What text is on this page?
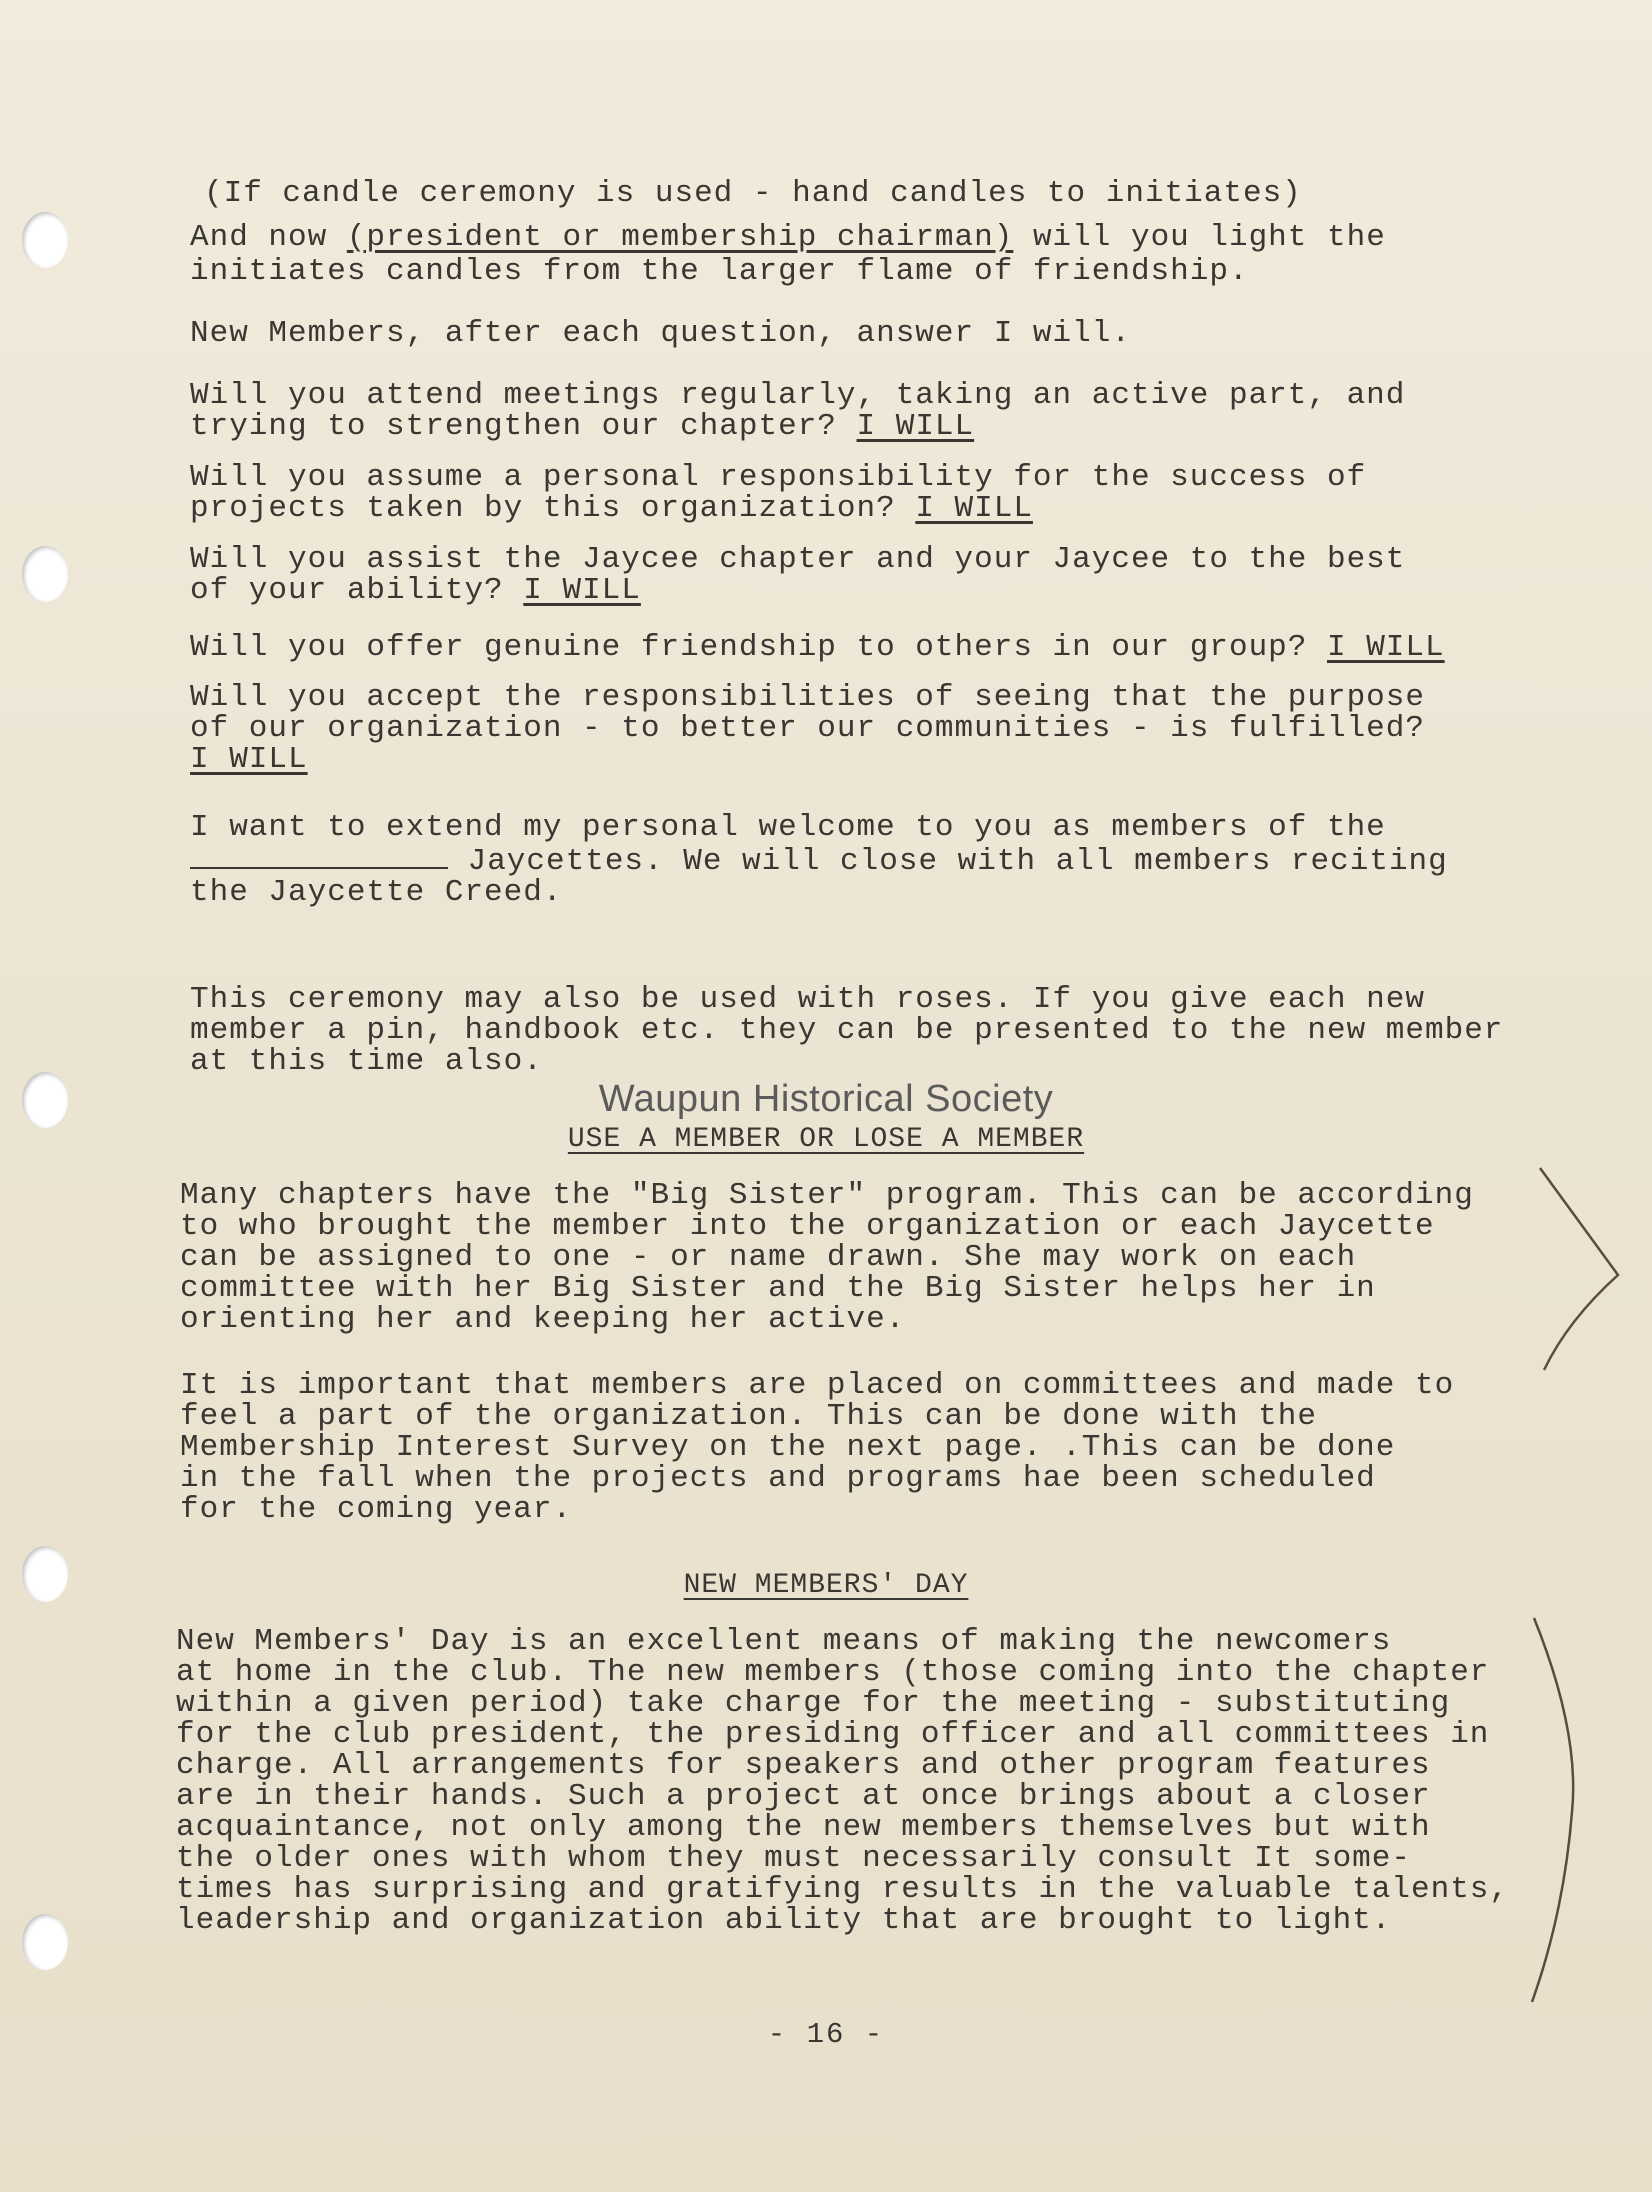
(If candle ceremony is used - hand candles to initiates)
And now (president or membership chairman) will you light the
initiates candles from the larger flame of friendship.
New Members, after each question, answer I will.
Will you attend meetings regularly, taking an active part, and
trying to strengthen our chapter? I WILL
Will you assume a personal responsibility for the success of
projects taken by this organization? I WILL
Will you assist the Jaycee chapter and your Jaycee to the best
of your ability? I WILL
Will you offer genuine friendship to others in our group? I WILL
Will you accept the responsibilities of seeing that the purpose
of our organization - to better our communities - is fulfilled?
I WILL
I want to extend my personal welcome to you as members of the
Jaycettes. We will close with all members reciting
the Jaycette Creed.
This ceremony may also be used with roses. If you give each new
member a pin, handbook etc. they can be presented to the new member
at this time also.
Waupun Historical Society
USE A MEMBER OR LOSE A MEMBER
Many chapters have the "Big Sister" program. This can be according
to who brought the member into the organization or each Jaycette
can be assigned to one - or name drawn. She may work on each
committee with her Big Sister and the Big Sister helps her in
orienting her and keeping her active.
It is important that members are placed on committees and made to
feel a part of the organization. This can be done with the
Membership Interest Survey on the next page. .This can be done
in the fall when the projects and programs hae been scheduled
for the coming year.
NEW MEMBERS' DAY
New Members' Day is an excellent means of making the newcomers
at home in the club. The new members (those coming into the chapter
within a given period) take charge for the meeting - substituting
for the club president, the presiding officer and all committees in
charge. All arrangements for speakers and other program features
are in their hands. Such a project at once brings about a closer
acquaintance, not only among the new members themselves but with
the older ones with whom they must necessarily consult It some-
times has surprising and gratifying results in the valuable talents,
leadership and organization ability that are brought to light.
- 16 -
